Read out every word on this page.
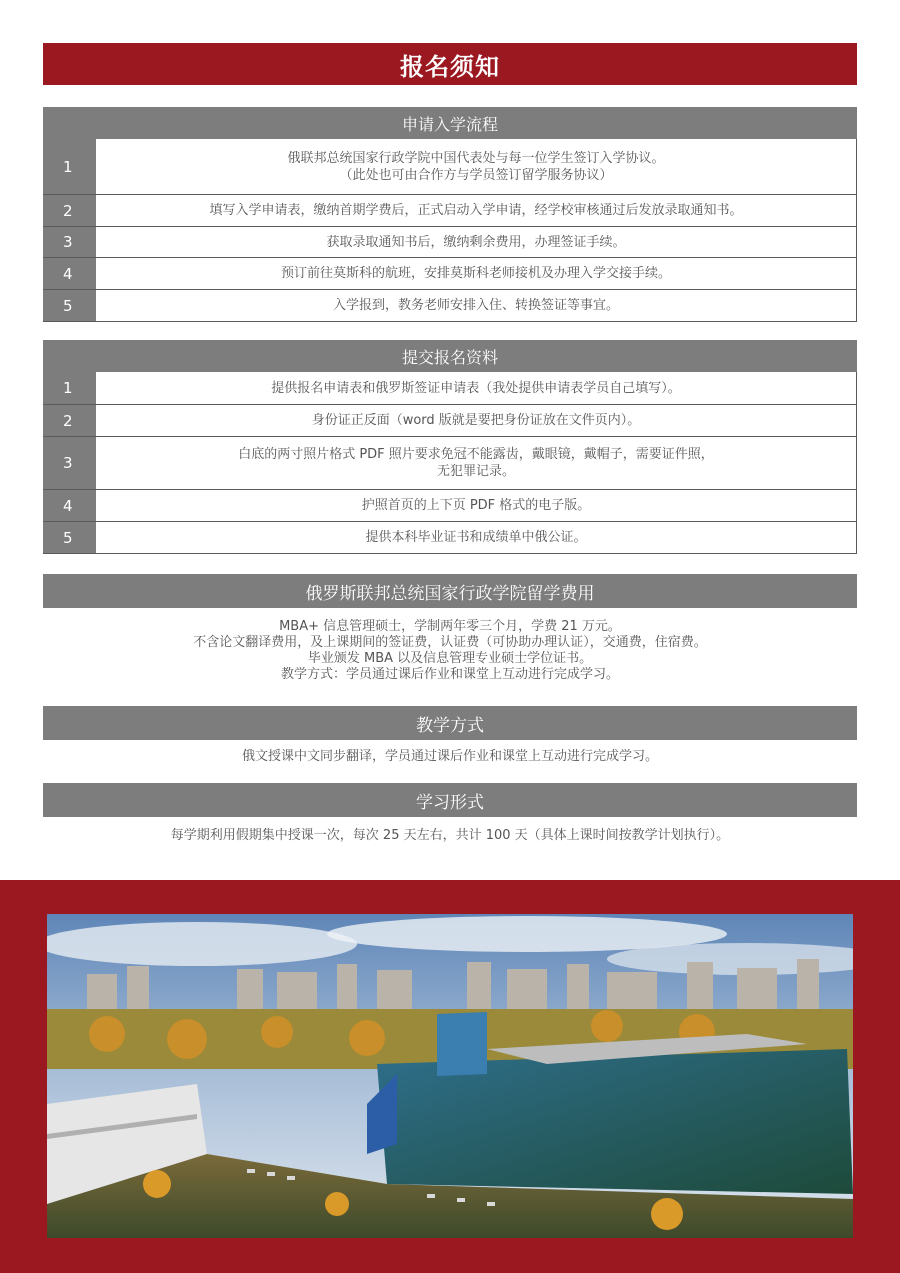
报名须知
申请入学流程
1	俄联邦总统国家行政学院中国代表处与每一位学生签订入学协议。
（此处也可由合作方与学员签订留学服务协议）
2	填写入学申请表，缴纳首期学费后，正式启动入学申请，经学校审核通过后发放录取通知书。
3	获取录取通知书后，缴纳剩余费用，办理签证手续。
4	预订前往莫斯科的航班，安排莫斯科老师接机及办理入学交接手续。
5	入学报到，教务老师安排入住、转换签证等事宜。
提交报名资料
1	提供报名申请表和俄罗斯签证申请表（我处提供申请表学员自己填写）。
2	身份证正反面（word 版就是要把身份证放在文件页内）。
3	白底的两寸照片格式 PDF 照片要求免冠不能露齿，戴眼镜，戴帽子，需要证件照，
无犯罪记录。
4	护照首页的上下页 PDF 格式的电子版。
5	提供本科毕业证书和成绩单中俄公证。
俄罗斯联邦总统国家行政学院留学费用
MBA+ 信息管理硕士，学制两年零三个月，学费 21 万元。
不含论文翻译费用，及上课期间的签证费，认证费（可协助办理认证），交通费，住宿费。
毕业颁发 MBA 以及信息管理专业硕士学位证书。
教学方式：学员通过课后作业和课堂上互动进行完成学习。
教学方式
俄文授课中文同步翻译，学员通过课后作业和课堂上互动进行完成学习。
学习形式
每学期利用假期集中授课一次，每次 25 天左右，共计 100 天（具体上课时间按教学计划执行）。
